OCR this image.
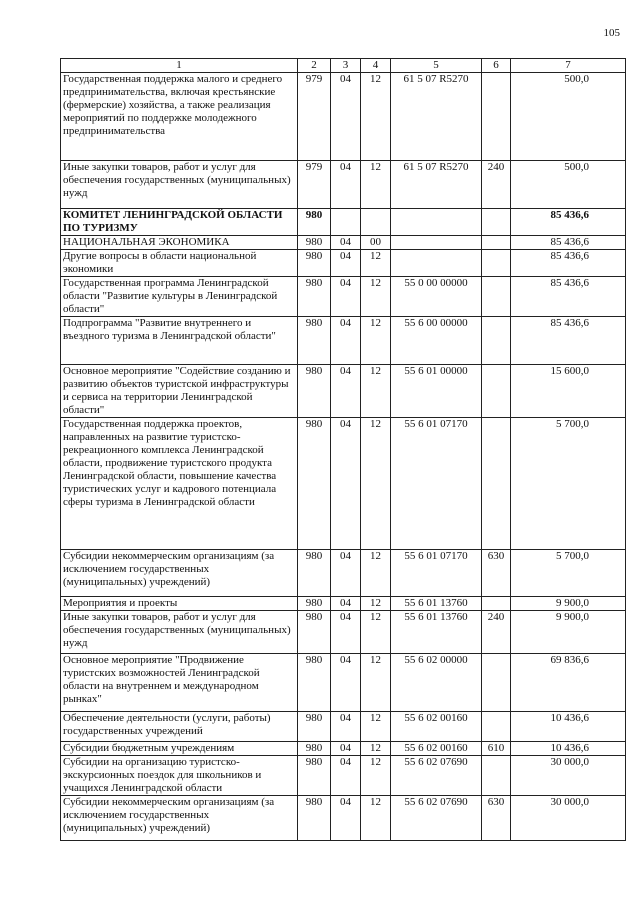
105
1	2	3	4	5	6	7
Государственная поддержка малого и среднего предпринимательства, включая крестьянские (фермерские) хозяйства, а также реализация мероприятий по поддержке молодежного предпринимательства	979	04	12	61 5 07 R5270		500,0
Иные закупки товаров, работ и услуг для обеспечения государственных (муниципальных) нужд	979	04	12	61 5 07 R5270	240	500,0
КОМИТЕТ ЛЕНИНГРАДСКОЙ ОБЛАСТИ ПО ТУРИЗМУ	980					85 436,6
НАЦИОНАЛЬНАЯ ЭКОНОМИКА	980	04	00			85 436,6
Другие вопросы в области национальной экономики	980	04	12			85 436,6
Государственная программа Ленинградской области "Развитие культуры в Ленинградской области"	980	04	12	55 0 00 00000		85 436,6
Подпрограмма "Развитие внутреннего и въездного туризма в Ленинградской области"	980	04	12	55 6 00 00000		85 436,6
Основное мероприятие "Содействие созданию и развитию объектов туристской инфраструктуры и сервиса на территории Ленинградской области"	980	04	12	55 6 01 00000		15 600,0
Государственная поддержка проектов, направленных на развитие туристско-рекреационного комплекса Ленинградской области, продвижение туристского продукта Ленинградской области, повышение качества туристических услуг и кадрового потенциала сферы туризма в Ленинградской области	980	04	12	55 6 01 07170		5 700,0
Субсидии некоммерческим организациям (за исключением государственных (муниципальных) учреждений)	980	04	12	55 6 01 07170	630	5 700,0
Мероприятия и проекты	980	04	12	55 6 01 13760		9 900,0
Иные закупки товаров, работ и услуг для обеспечения государственных (муниципальных) нужд	980	04	12	55 6 01 13760	240	9 900,0
Основное мероприятие "Продвижение туристских возможностей Ленинградской области на внутреннем и международном рынках"	980	04	12	55 6 02 00000		69 836,6
Обеспечение деятельности (услуги, работы) государственных учреждений	980	04	12	55 6 02 00160		10 436,6
Субсидии бюджетным учреждениям	980	04	12	55 6 02 00160	610	10 436,6
Субсидии на организацию туристско-экскурсионных поездок для школьников и учащихся Ленинградской области	980	04	12	55 6 02 07690		30 000,0
Субсидии некоммерческим организациям (за исключением государственных (муниципальных) учреждений)	980	04	12	55 6 02 07690	630	30 000,0
